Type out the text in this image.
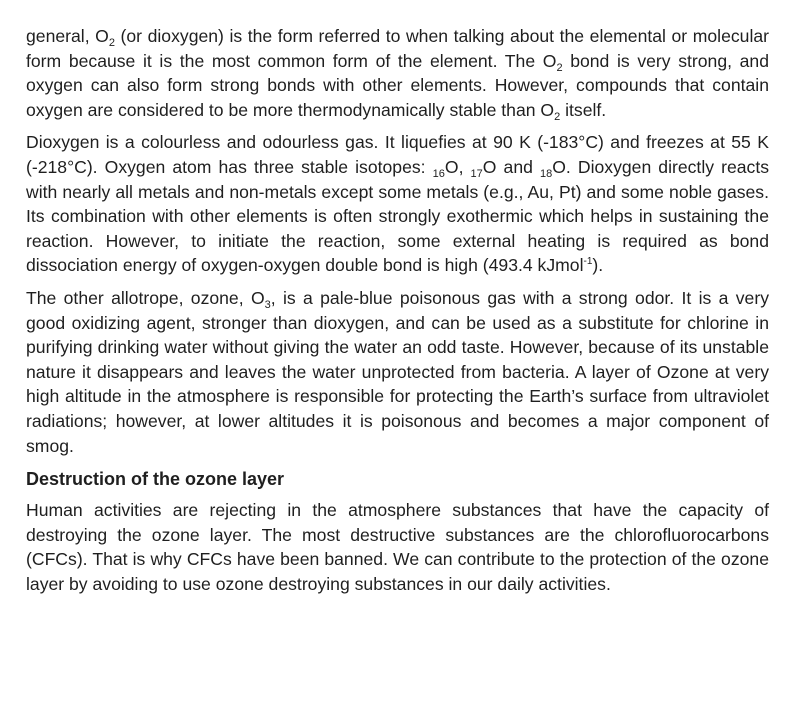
general, $O_2$ (or dioxygen) is the form referred to when talking about the elemental or molecular form because it is the most common form of the element. The $O_2$ bond is very strong, and oxygen can also form strong bonds with other elements. However, compounds that contain oxygen are considered to be more thermodynamically stable than $O_2$ itself.

Dioxygen is a colourless and odourless gas. It liquefies at 90 K (-183°C) and freezes at 55 K (-218°C). Oxygen atom has three stable isotopes: $_{16}$O, $_{17}$O and $_{18}$O. Dioxygen directly reacts with nearly all metals and non-metals except some metals (e.g., Au, Pt) and some noble gases. Its combination with other elements is often strongly exothermic which helps in sustaining the reaction. However, to initiate the reaction, some external heating is required as bond dissociation energy of oxygen-oxygen double bond is high (493.4 kJmol$^{-1}$).

The other allotrope, ozone, $O_3$, is a pale-blue poisonous gas with a strong odor. It is a very good oxidizing agent, stronger than dioxygen, and can be used as a substitute for chlorine in purifying drinking water without giving the water an odd taste. However, because of its unstable nature it disappears and leaves the water unprotected from bacteria. A layer of Ozone at very high altitude in the atmosphere is responsible for protecting the Earth’s surface from ultraviolet radiations; however, at lower altitudes it is poisonous and becomes a major component of smog.

Destruction of the ozone layer

Human activities are rejecting in the atmosphere substances that have the capacity of destroying the ozone layer. The most destructive substances are the chlorofluorocarbons (CFCs). That is why CFCs have been banned. We can contribute to the protection of the ozone layer by avoiding to use ozone destroying substances in our daily activities.
